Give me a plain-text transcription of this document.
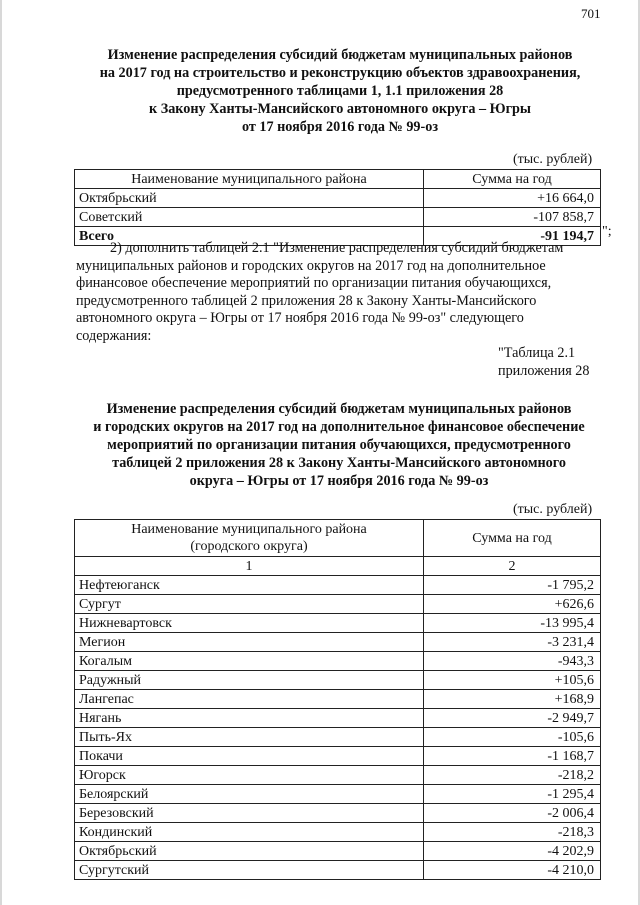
701
Изменение распределения субсидий бюджетам муниципальных районов
на 2017 год на строительство и реконструкцию объектов здравоохранения,
предусмотренного таблицами 1, 1.1 приложения 28
к Закону Ханты-Мансийского автономного округа – Югры
от 17 ноября 2016 года № 99-оз
(тыс. рублей)
Наименование муниципального района	Сумма на год
Октябрьский	+16 664,0
Советский	-107 858,7
Всего	-91 194,7 ";
2) дополнить таблицей 2.1 "Изменение распределения субсидий бюджетам
муниципальных районов и городских округов на 2017 год на дополнительное
финансовое обеспечение мероприятий по организации питания обучающихся,
предусмотренного таблицей 2 приложения 28 к Закону Ханты-Мансийского
автономного округа – Югры от 17 ноября 2016 года № 99-оз" следующего
содержания:
"Таблица 2.1
приложения 28
Изменение распределения субсидий бюджетам муниципальных районов
и городских округов на 2017 год на дополнительное финансовое обеспечение
мероприятий по организации питания обучающихся, предусмотренного
таблицей 2 приложения 28 к Закону Ханты-Мансийского автономного
округа – Югры от 17 ноября 2016 года № 99-оз
(тыс. рублей)
Наименование муниципального района
(городского округа)	Сумма на год
1	2
Нефтеюганск	-1 795,2
Сургут	+626,6
Нижневартовск	-13 995,4
Мегион	-3 231,4
Когалым	-943,3
Радужный	+105,6
Лангепас	+168,9
Нягань	-2 949,7
Пыть-Ях	-105,6
Покачи	-1 168,7
Югорск	-218,2
Белоярский	-1 295,4
Березовский	-2 006,4
Кондинский	-218,3
Октябрьский	-4 202,9
Сургутский	-4 210,0
